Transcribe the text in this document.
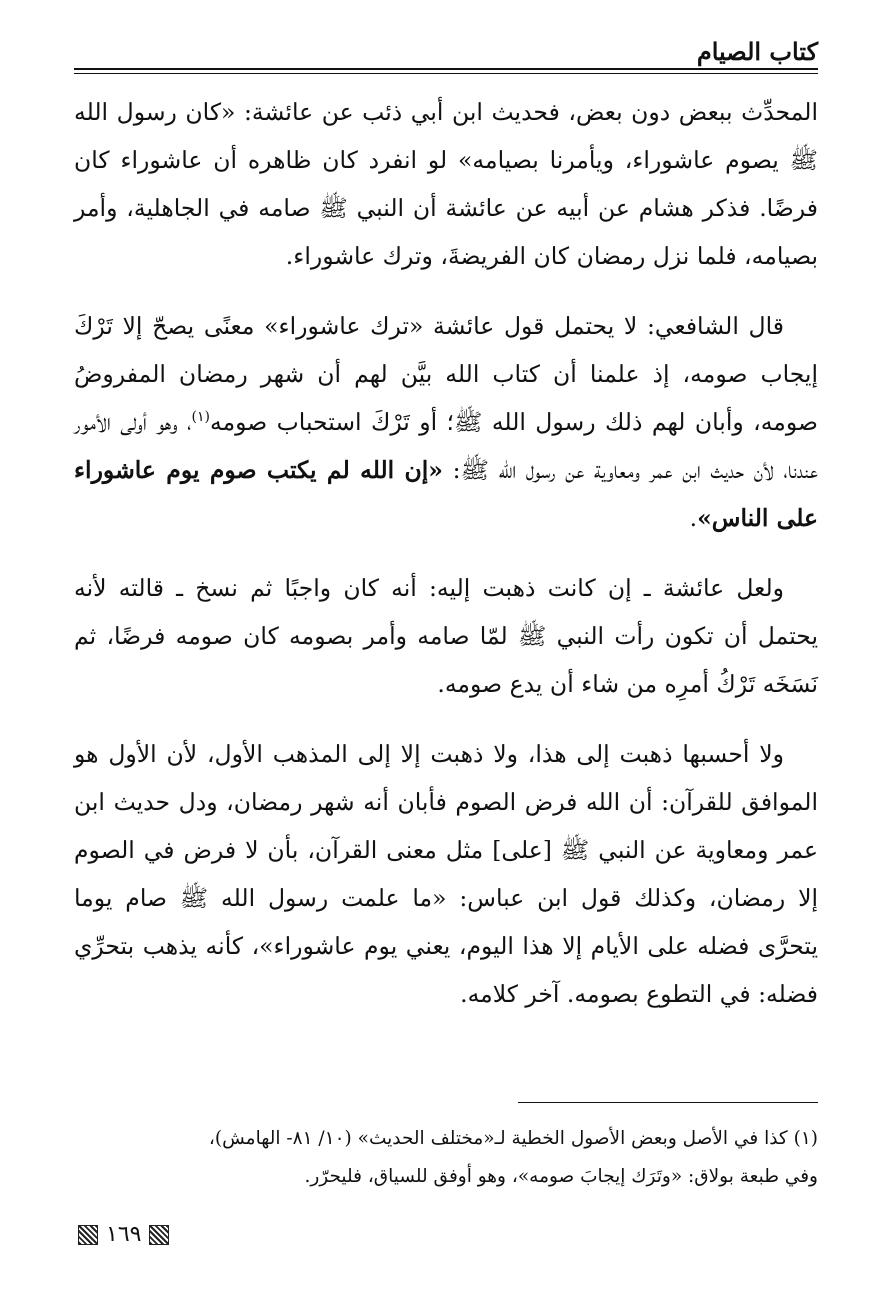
كتاب الصيام

المحدِّث ببعض دون بعض، فحديث ابن أبي ذئب عن عائشة: «كان رسول الله ﷺ يصوم عاشوراء، ويأمرنا بصيامه» لو انفرد كان ظاهره أن عاشوراء كان فرضًا. فذكر هشام عن أبيه عن عائشة أن النبي ﷺ صامه في الجاهلية، وأمر بصيامه، فلما نزل رمضان كان الفريضةَ، وترك عاشوراء.

قال الشافعي: لا يحتمل قول عائشة «ترك عاشوراء» معنًى يصحّ إلا تَرْكَ إيجاب صومه، إذ علمنا أن كتاب الله بيَّن لهم أن شهر رمضان المفروضُ صومه، وأبان لهم ذلك رسول الله ﷺ؛ أو تَرْكَ استحباب صومه$^{(١)}$، وهو أولى الأمور عندنا، لأن حديث ابن عمر ومعاوية عن رسول الله ﷺ: «إن الله لم يكتب صوم يوم عاشوراء على الناس».

ولعل عائشة ـ إن كانت ذهبت إليه: أنه كان واجبًا ثم نسخ ـ قالته لأنه يحتمل أن تكون رأت النبي ﷺ لمّا صامه وأمر بصومه كان صومه فرضًا، ثم نَسَخَه تَرْكُ أمرِه من شاء أن يدع صومه.

ولا أحسبها ذهبت إلى هذا، ولا ذهبت إلا إلى المذهب الأول، لأن الأول هو الموافق للقرآن: أن الله فرض الصوم فأبان أنه شهر رمضان، ودل حديث ابن عمر ومعاوية عن النبي ﷺ [على] مثل معنى القرآن، بأن لا فرض في الصوم إلا رمضان، وكذلك قول ابن عباس: «ما علمت رسول الله ﷺ صام يوما يتحرَّى فضله على الأيام إلا هذا اليوم، يعني يوم عاشوراء»، كأنه يذهب بتحرِّي فضله: في التطوع بصومه. آخر كلامه.

(١) كذا في الأصل وبعض الأصول الخطية لـ«مختلف الحديث» (١٠/ ٨١- الهامش)،

وفي طبعة بولاق: «وتَرَك إيجابَ صومه»، وهو أوفق للسياق، فليحرّر.

١٦٩
